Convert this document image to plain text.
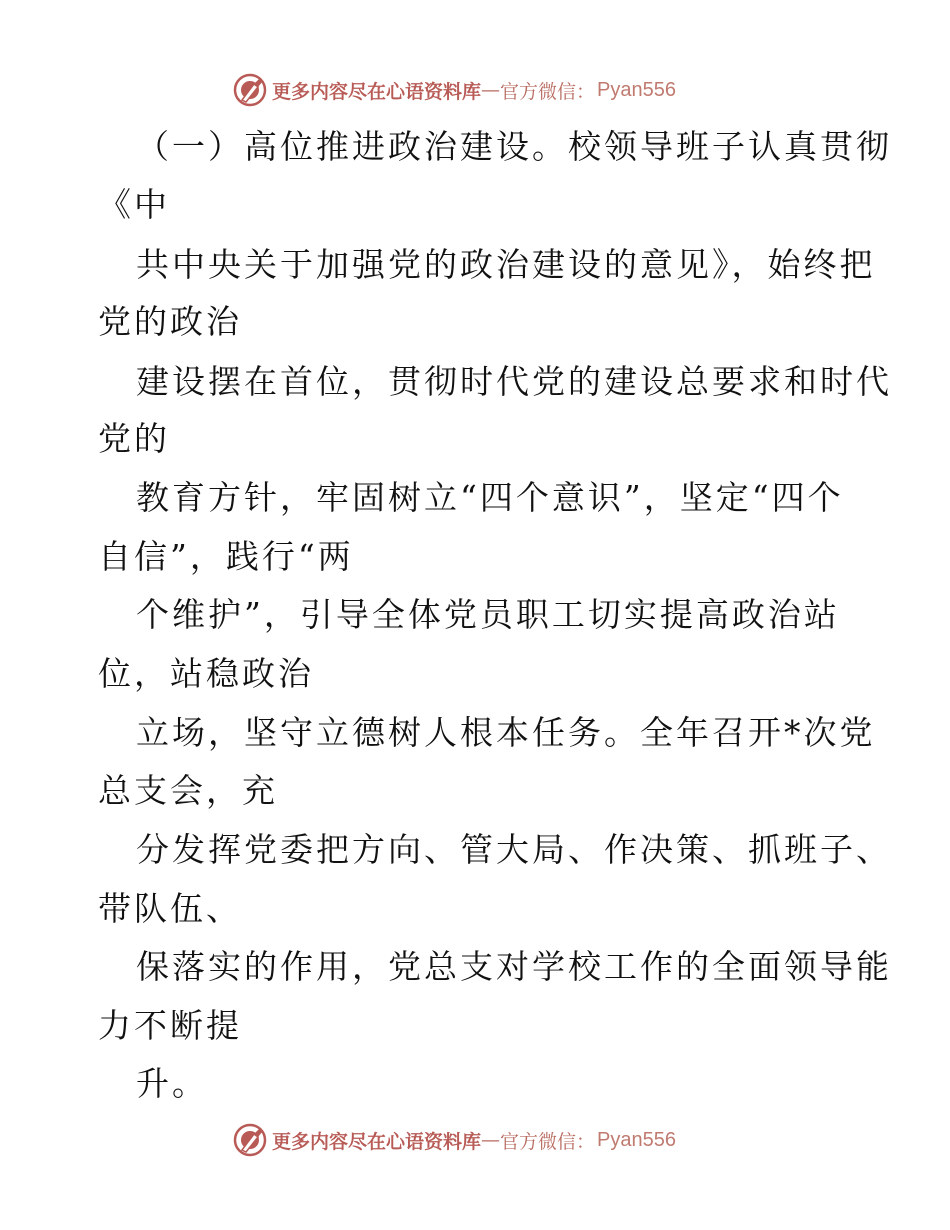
更多内容尽在心语资料库 — 官方微信： Pyan556
（一）高位推进政治建设。校领导班子认真贯彻
《中
共中央关于加强党的政治建设的意见》，始终把
党的政治
建设摆在首位，贯彻时代党的建设总要求和时代
党的
教育方针，牢固树立“四个意识”，坚定“四个
自信”，践行“两
个维护”，引导全体党员职工切实提高政治站
位，站稳政治
立场，坚守立德树人根本任务。全年召开*次党
总支会，充
分发挥党委把方向、管大局、作决策、抓班子、
带队伍、
保落实的作用，党总支对学校工作的全面领导能
力不断提
升。
更多内容尽在心语资料库 — 官方微信： Pyan556
